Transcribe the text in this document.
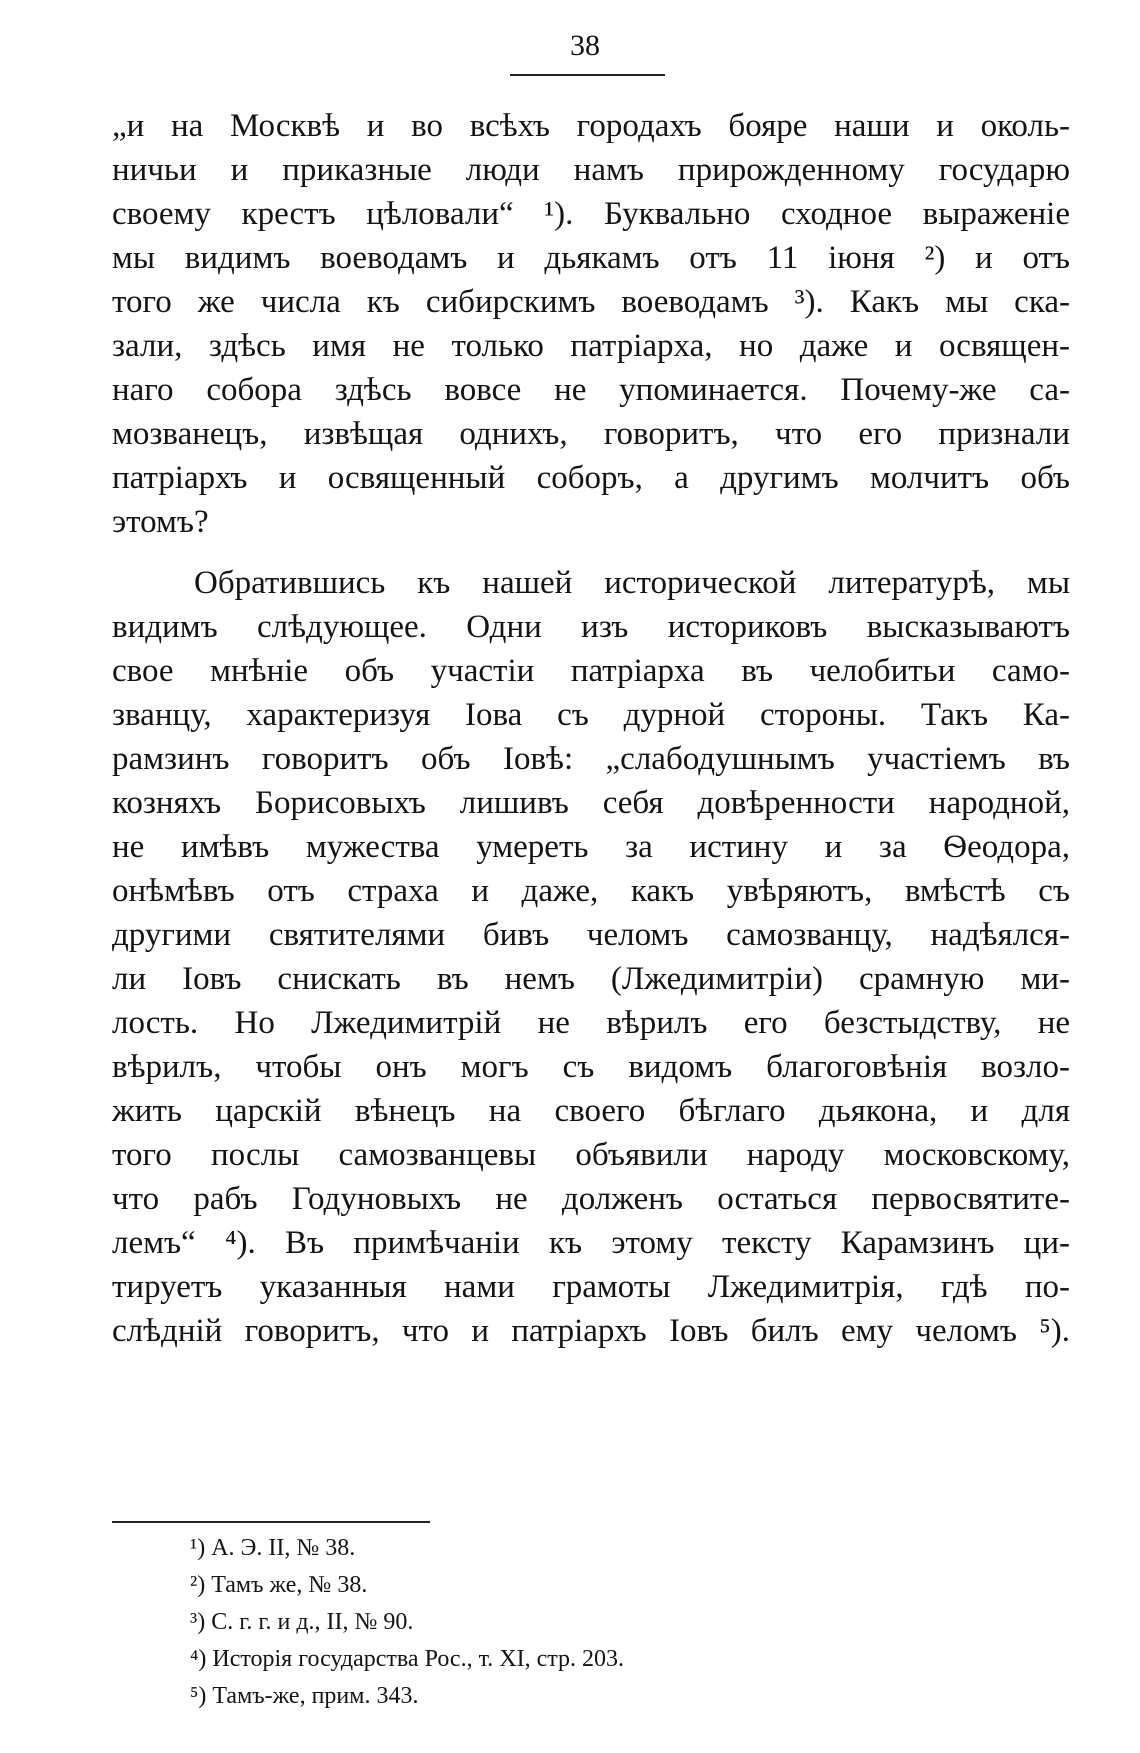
38
„и на Москвѣ и во всѣхъ городахъ бояре наши и околь-
ничьи и приказные люди намъ прирожденному государю
своему крестъ цѣловали“ ¹). Буквально сходное выраженіе
мы видимъ воеводамъ и дьякамъ отъ 11 іюня ²) и отъ
того же числа къ сибирскимъ воеводамъ ³). Какъ мы ска-
зали, здѣсь имя не только патріарха, но даже и освящен-
наго собора здѣсь вовсе не упоминается. Почему-же са-
мозванецъ, извѣщая однихъ, говоритъ, что его признали
патріархъ и освященный соборъ, а другимъ молчитъ объ
этомъ?
Обратившись къ нашей исторической литературѣ, мы
видимъ слѣдующее. Одни изъ историковъ высказываютъ
свое мнѣніе объ участіи патріарха въ челобитьи само-
званцу, характеризуя Іова съ дурной стороны. Такъ Ка-
рамзинъ говоритъ объ Іовѣ: „слабодушнымъ участіемъ въ
козняхъ Борисовыхъ лишивъ себя довѣренности народной,
не имѣвъ мужества умереть за истину и за Ѳеодора,
онѣмѣвъ отъ страха и даже, какъ увѣряютъ, вмѣстѣ съ
другими святителями бивъ челомъ самозванцу, надѣялся-
ли Іовъ снискать въ немъ (Лжедимитріи) срамную ми-
лость. Но Лжедимитрій не вѣрилъ его безстыдству, не
вѣрилъ, чтобы онъ могъ съ видомъ благоговѣнія возло-
жить царскій вѣнецъ на своего бѣглаго дьякона, и для
того послы самозванцевы объявили народу московскому,
что рабъ Годуновыхъ не долженъ остаться первосвятите-
лемъ“ ⁴). Въ примѣчаніи къ этому тексту Карамзинъ ци-
тируетъ указанныя нами грамоты Лжедимитрія, гдѣ по-
слѣдній говоритъ, что и патріархъ Іовъ билъ ему челомъ ⁵).
¹) А. Э. II, № 38.
²) Тамъ же, № 38.
³) С. г. г. и д., II, № 90.
⁴) Исторія государства Рос., т. XI, стр. 203.
⁵) Тамъ-же, прим. 343.
